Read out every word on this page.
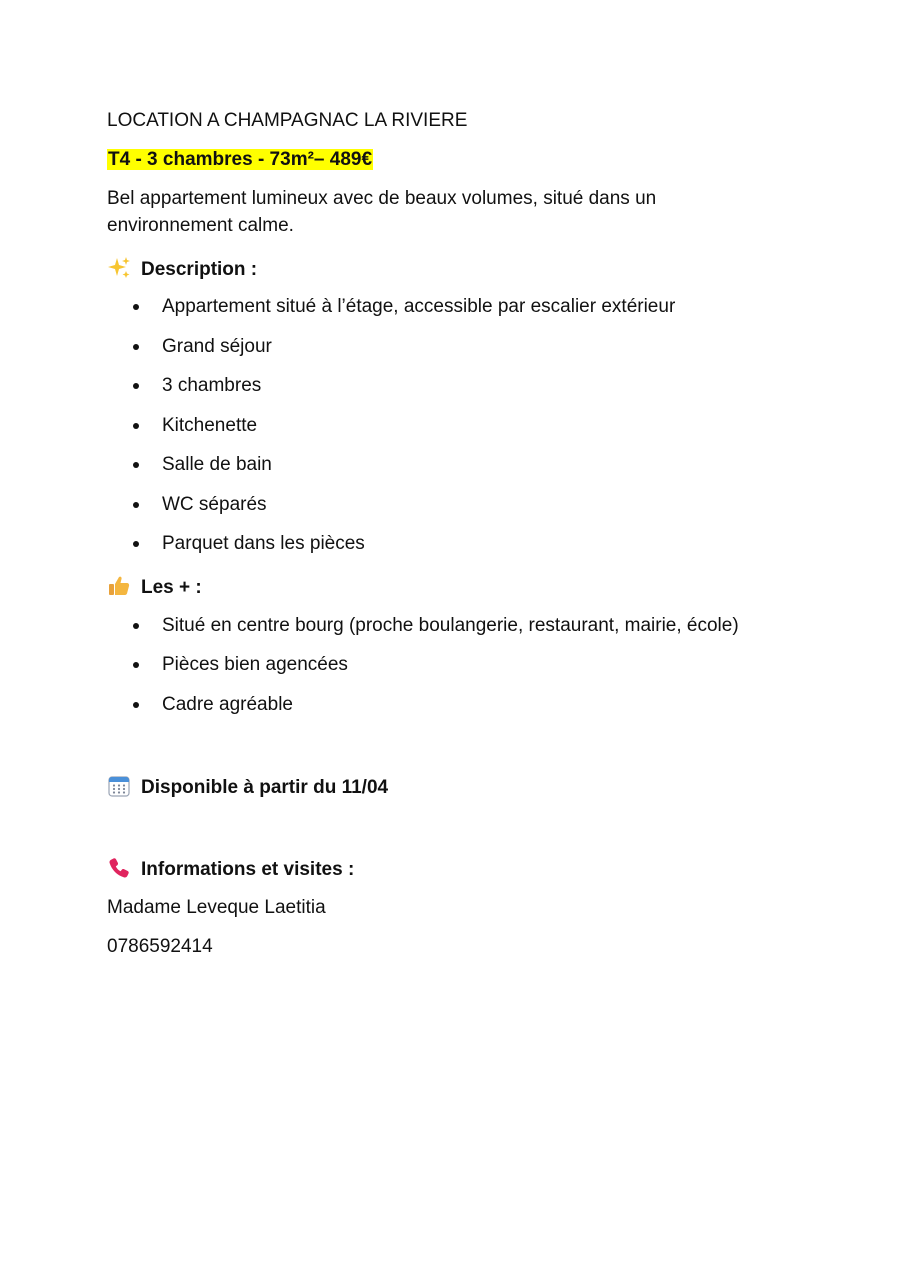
LOCATION A CHAMPAGNAC LA RIVIERE
T4 - 3 chambres - 73m²– 489€
Bel appartement lumineux avec de beaux volumes, situé dans un
environnement calme.
Description :
Appartement situé à l’étage, accessible par escalier extérieur
Grand séjour
3 chambres
Kitchenette
Salle de bain
WC séparés
Parquet dans les pièces
Les + :
Situé en centre bourg (proche boulangerie, restaurant, mairie, école)
Pièces bien agencées
Cadre agréable
Disponible à partir du 11/04
Informations et visites :
Madame Leveque Laetitia
0786592414
